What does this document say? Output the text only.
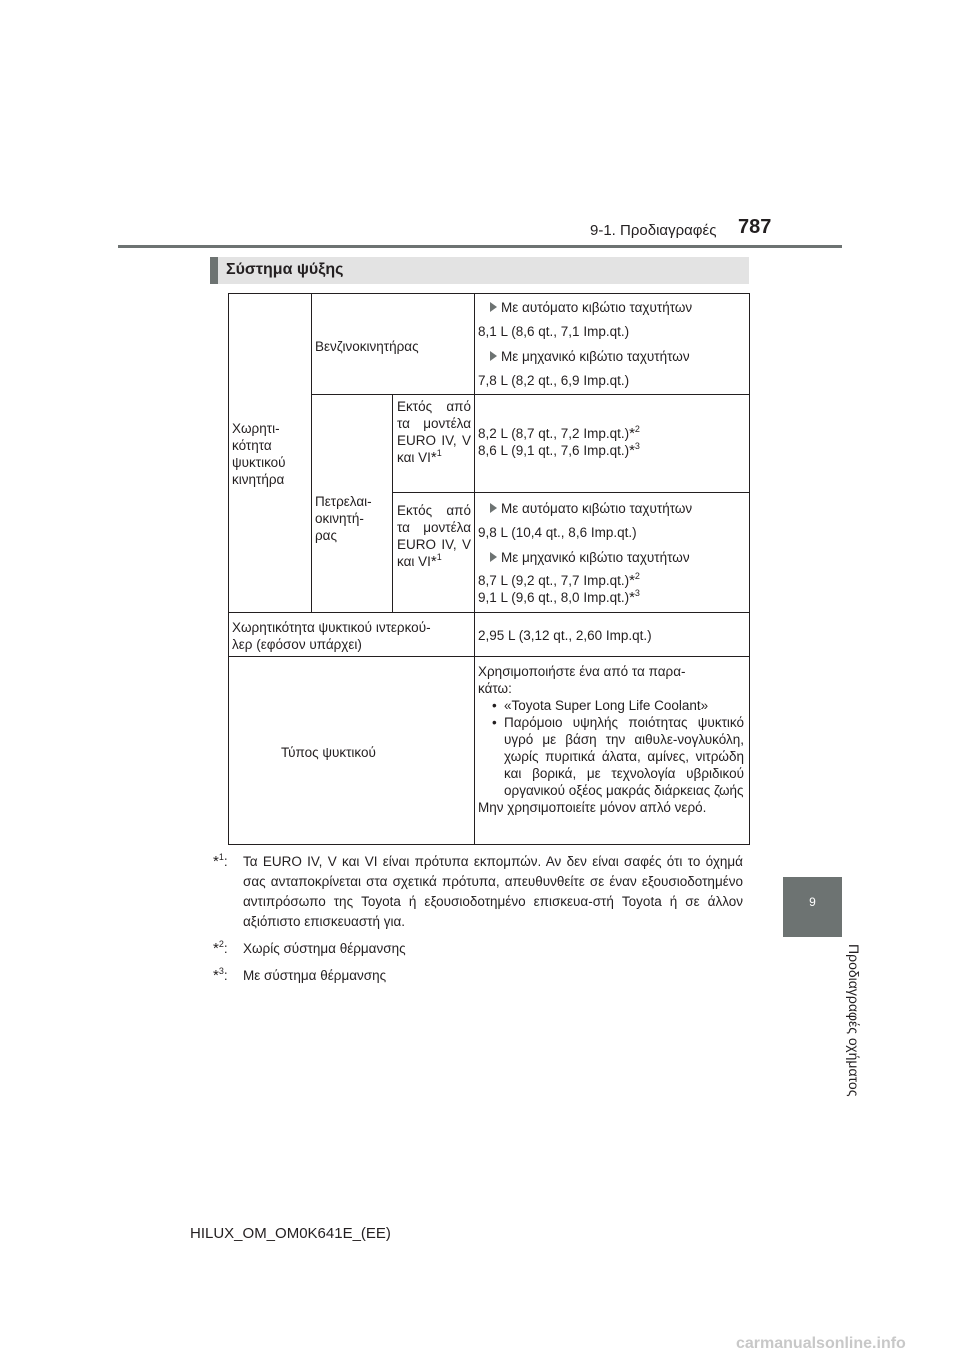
9-1. Προδιαγραφές 787
9
Προδιαγραφές οχήματος
Σύστημα ψύξης
Χωρητι-
κότητα
ψυκτικού
κινητήρα
Βενζινοκινητήρας
Με αυτόματο κιβώτιο ταχυτήτων
8,1 L (8,6 qt., 7,1 Imp.qt.)
Με μηχανικό κιβώτιο ταχυτήτων
7,8 L (8,2 qt., 6,9 Imp.qt.)
Πετρελαι-
οκινητή-
ρας
Εκτός από τα μοντέλα EURO IV, V και VI*$^1$
8,2 L (8,7 qt., 7,2 Imp.qt.)*$^2$
8,6 L (9,1 qt., 7,6 Imp.qt.)*$^3$
Εκτός από τα μοντέλα EURO IV, V και VI*$^1$
Με αυτόματο κιβώτιο ταχυτήτων
9,8 L (10,4 qt., 8,6 Imp.qt.)
Με μηχανικό κιβώτιο ταχυτήτων
8,7 L (9,2 qt., 7,7 Imp.qt.)*$^2$
9,1 L (9,6 qt., 8,0 Imp.qt.)*$^3$
Χωρητικότητα ψυκτικού ιντερκού-
λερ (εφόσον υπάρχει)
2,95 L (3,12 qt., 2,60 Imp.qt.)
Τύπος ψυκτικού
Χρησιμοποιήστε ένα από τα παρα-
κάτω:
• «Toyota Super Long Life Coolant»
• Παρόμοιο υψηλής ποιότητας ψυκτικό υγρό με βάση την αιθυλε-νογλυκόλη, χωρίς πυριτικά άλατα, αμίνες, νιτρώδη και βορικά, με τεχνολογία υβριδικού οργανικού οξέος μακράς διάρκειας ζωής
Μην χρησιμοποιείτε μόνον απλό νερό.
*$^1$: Τα EURO IV, V και VI είναι πρότυπα εκπομπών. Αν δεν είναι σαφές ότι το όχημά σας ανταποκρίνεται στα σχετικά πρότυπα, απευθυνθείτε σε έναν εξουσιοδοτημένο αντιπρόσωπο της Toyota ή εξουσιοδοτημένο επισκευα-στή Toyota ή σε άλλον αξιόπιστο επισκευαστή για.
*$^2$: Χωρίς σύστημα θέρμανσης
*$^3$: Με σύστημα θέρμανσης
HILUX_OM_OM0K641E_(EE)
carmanualsonline.info
